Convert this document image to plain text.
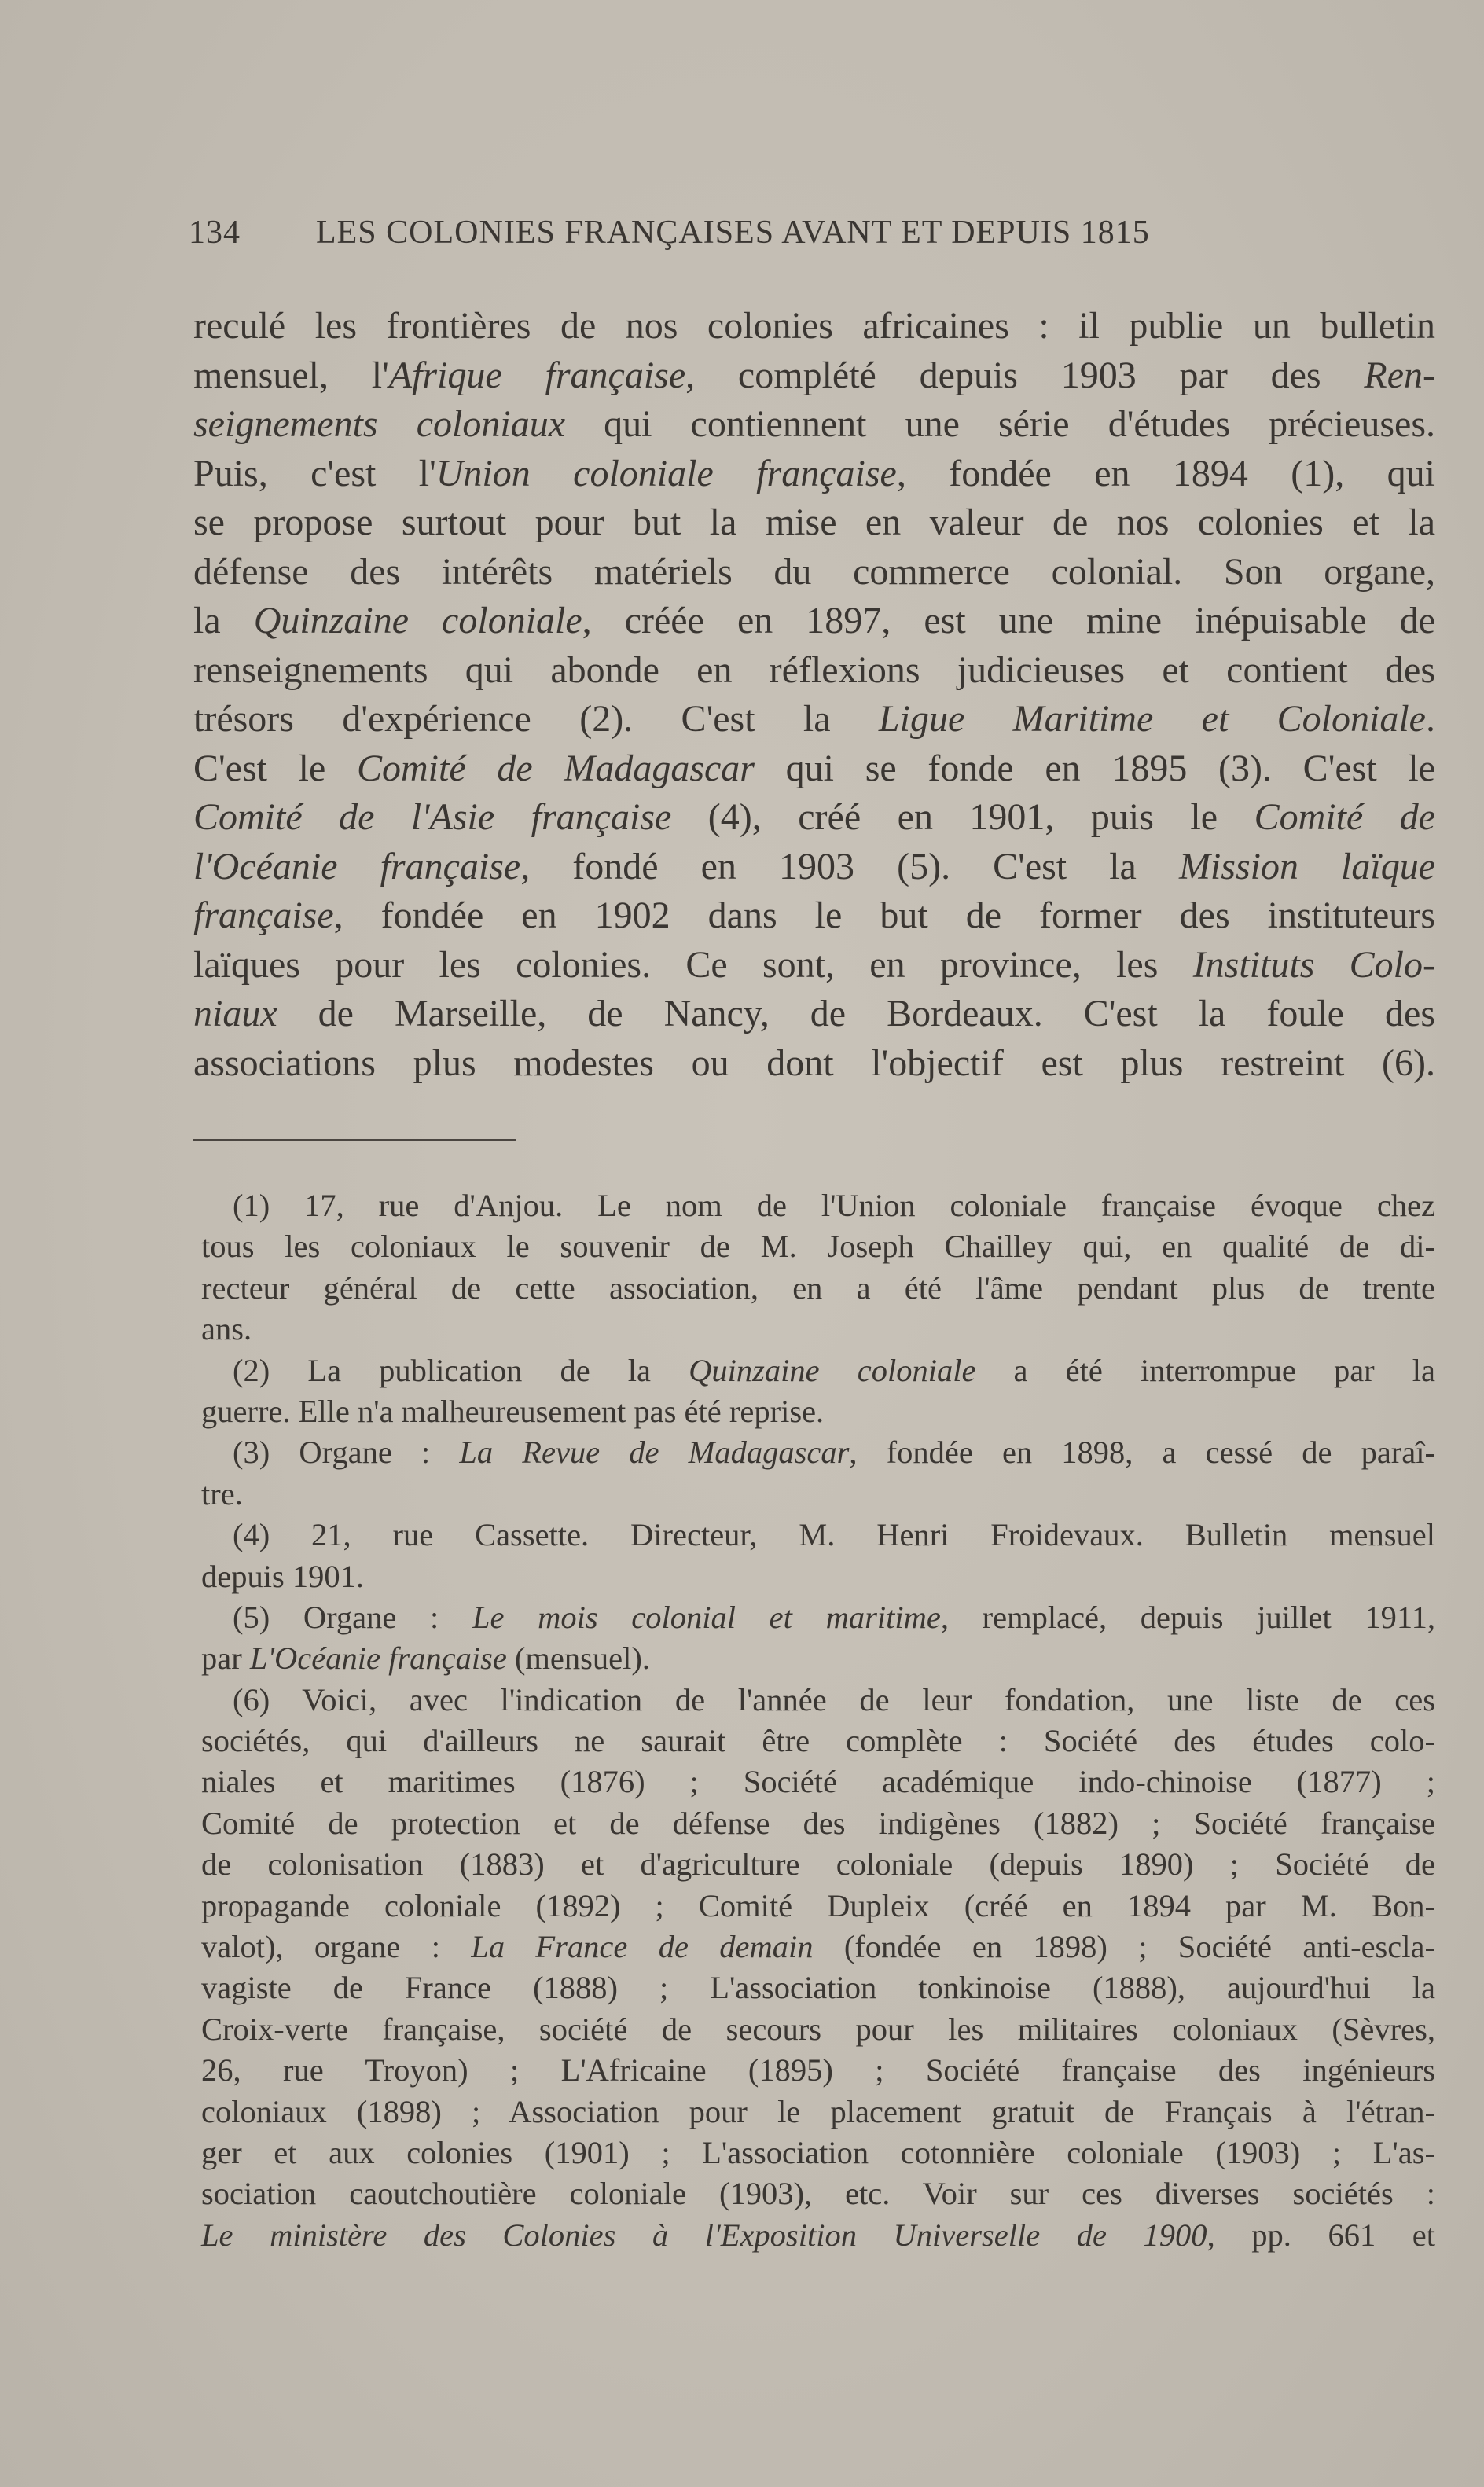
134 LES COLONIES FRANÇAISES AVANT ET DEPUIS 1815
reculé les frontières de nos colonies africaines : il publie un bulletin
mensuel, l'Afrique française, complété depuis 1903 par des Ren-
seignements coloniaux qui contiennent une série d'études précieuses.
Puis, c'est l'Union coloniale française, fondée en 1894 (1), qui
se propose surtout pour but la mise en valeur de nos colonies et la
défense des intérêts matériels du commerce colonial. Son organe,
la Quinzaine coloniale, créée en 1897, est une mine inépuisable de
renseignements qui abonde en réflexions judicieuses et contient des
trésors d'expérience (2). C'est la Ligue Maritime et Coloniale.
C'est le Comité de Madagascar qui se fonde en 1895 (3). C'est le
Comité de l'Asie française (4), créé en 1901, puis le Comité de
l'Océanie française, fondé en 1903 (5). C'est la Mission laïque
française, fondée en 1902 dans le but de former des instituteurs
laïques pour les colonies. Ce sont, en province, les Instituts Colo-
niaux de Marseille, de Nancy, de Bordeaux. C'est la foule des
associations plus modestes ou dont l'objectif est plus restreint (6).
(1) 17, rue d'Anjou. Le nom de l'Union coloniale française évoque chez
tous les coloniaux le souvenir de M. Joseph Chailley qui, en qualité de di-
recteur général de cette association, en a été l'âme pendant plus de trente
ans.
(2) La publication de la Quinzaine coloniale a été interrompue par la
guerre. Elle n'a malheureusement pas été reprise.
(3) Organe : La Revue de Madagascar, fondée en 1898, a cessé de paraî-
tre.
(4) 21, rue Cassette. Directeur, M. Henri Froidevaux. Bulletin mensuel
depuis 1901.
(5) Organe : Le mois colonial et maritime, remplacé, depuis juillet 1911,
par L'Océanie française (mensuel).
(6) Voici, avec l'indication de l'année de leur fondation, une liste de ces
sociétés, qui d'ailleurs ne saurait être complète : Société des études colo-
niales et maritimes (1876) ; Société académique indo-chinoise (1877) ;
Comité de protection et de défense des indigènes (1882) ; Société française
de colonisation (1883) et d'agriculture coloniale (depuis 1890) ; Société de
propagande coloniale (1892) ; Comité Dupleix (créé en 1894 par M. Bon-
valot), organe : La France de demain (fondée en 1898) ; Société anti-escla-
vagiste de France (1888) ; L'association tonkinoise (1888), aujourd'hui la
Croix-verte française, société de secours pour les militaires coloniaux (Sèvres,
26, rue Troyon) ; L'Africaine (1895) ; Société française des ingénieurs
coloniaux (1898) ; Association pour le placement gratuit de Français à l'étran-
ger et aux colonies (1901) ; L'association cotonnière coloniale (1903) ; L'as-
sociation caoutchoutière coloniale (1903), etc. Voir sur ces diverses sociétés :
Le ministère des Colonies à l'Exposition Universelle de 1900, pp. 661 et
